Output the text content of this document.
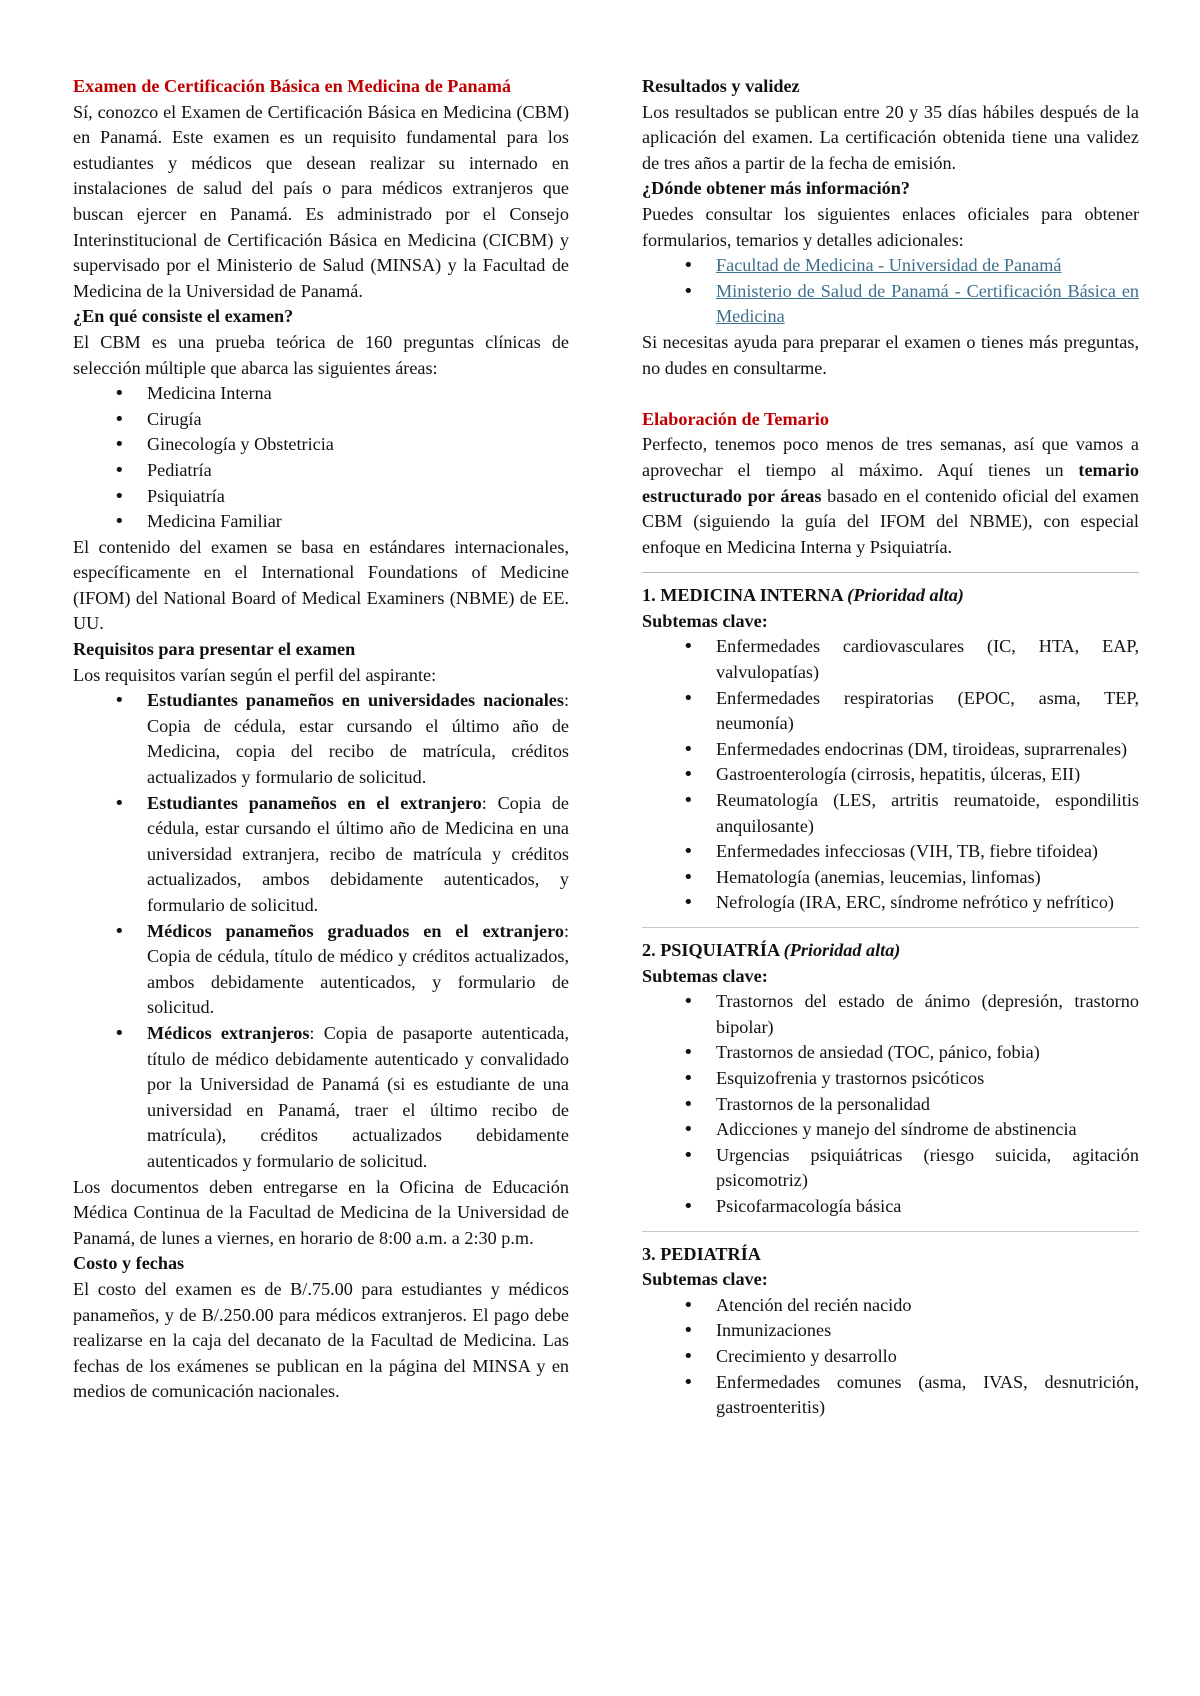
Examen de Certificación Básica en Medicina de Panamá

Sí, conozco el Examen de Certificación Básica en Medicina (CBM) en Panamá. Este examen es un requisito fundamental para los estudiantes y médicos que desean realizar su internado en instalaciones de salud del país o para médicos extranjeros que buscan ejercer en Panamá. Es administrado por el Consejo Interinstitucional de Certificación Básica en Medicina (CICBM) y supervisado por el Ministerio de Salud (MINSA) y la Facultad de Medicina de la Universidad de Panamá.

¿En qué consiste el examen?

El CBM es una prueba teórica de 160 preguntas clínicas de selección múltiple que abarca las siguientes áreas:

• Medicina Interna
• Cirugía
• Ginecología y Obstetricia
• Pediatría
• Psiquiatría
• Medicina Familiar

El contenido del examen se basa en estándares internacionales, específicamente en el International Foundations of Medicine (IFOM) del National Board of Medical Examiners (NBME) de EE. UU.

Requisitos para presentar el examen

Los requisitos varían según el perfil del aspirante:

• Estudiantes panameños en universidades nacionales: Copia de cédula, estar cursando el último año de Medicina, copia del recibo de matrícula, créditos actualizados y formulario de solicitud.
• Estudiantes panameños en el extranjero: Copia de cédula, estar cursando el último año de Medicina en una universidad extranjera, recibo de matrícula y créditos actualizados, ambos debidamente autenticados, y formulario de solicitud.
• Médicos panameños graduados en el extranjero: Copia de cédula, título de médico y créditos actualizados, ambos debidamente autenticados, y formulario de solicitud.
• Médicos extranjeros: Copia de pasaporte autenticada, título de médico debidamente autenticado y convalidado por la Universidad de Panamá (si es estudiante de una universidad en Panamá, traer el último recibo de matrícula), créditos actualizados debidamente autenticados y formulario de solicitud.

Los documentos deben entregarse en la Oficina de Educación Médica Continua de la Facultad de Medicina de la Universidad de Panamá, de lunes a viernes, en horario de 8:00 a.m. a 2:30 p.m.

Costo y fechas

El costo del examen es de B/.75.00 para estudiantes y médicos panameños, y de B/.250.00 para médicos extranjeros. El pago debe realizarse en la caja del decanato de la Facultad de Medicina. Las fechas de los exámenes se publican en la página del MINSA y en medios de comunicación nacionales.

Resultados y validez

Los resultados se publican entre 20 y 35 días hábiles después de la aplicación del examen. La certificación obtenida tiene una validez de tres años a partir de la fecha de emisión.

¿Dónde obtener más información?

Puedes consultar los siguientes enlaces oficiales para obtener formularios, temarios y detalles adicionales:

• Facultad de Medicina - Universidad de Panamá
• Ministerio de Salud de Panamá - Certificación Básica en Medicina

Si necesitas ayuda para preparar el examen o tienes más preguntas, no dudes en consultarme.

Elaboración de Temario

Perfecto, tenemos poco menos de tres semanas, así que vamos a aprovechar el tiempo al máximo. Aquí tienes un temario estructurado por áreas basado en el contenido oficial del examen CBM (siguiendo la guía del IFOM del NBME), con especial enfoque en Medicina Interna y Psiquiatría.

1. MEDICINA INTERNA (Prioridad alta)

Subtemas clave:

• Enfermedades cardiovasculares (IC, HTA, EAP, valvulopatías)
• Enfermedades respiratorias (EPOC, asma, TEP, neumonía)
• Enfermedades endocrinas (DM, tiroideas, suprarrenales)
• Gastroenterología (cirrosis, hepatitis, úlceras, EII)
• Reumatología (LES, artritis reumatoide, espondilitis anquilosante)
• Enfermedades infecciosas (VIH, TB, fiebre tifoidea)
• Hematología (anemias, leucemias, linfomas)
• Nefrología (IRA, ERC, síndrome nefrótico y nefrítico)

2. PSIQUIATRÍA (Prioridad alta)

Subtemas clave:

• Trastornos del estado de ánimo (depresión, trastorno bipolar)
• Trastornos de ansiedad (TOC, pánico, fobia)
• Esquizofrenia y trastornos psicóticos
• Trastornos de la personalidad
• Adicciones y manejo del síndrome de abstinencia
• Urgencias psiquiátricas (riesgo suicida, agitación psicomotriz)
• Psicofarmacología básica

3. PEDIATRÍA

Subtemas clave:

• Atención del recién nacido
• Inmunizaciones
• Crecimiento y desarrollo
• Enfermedades comunes (asma, IVAS, desnutrición, gastroenteritis)
